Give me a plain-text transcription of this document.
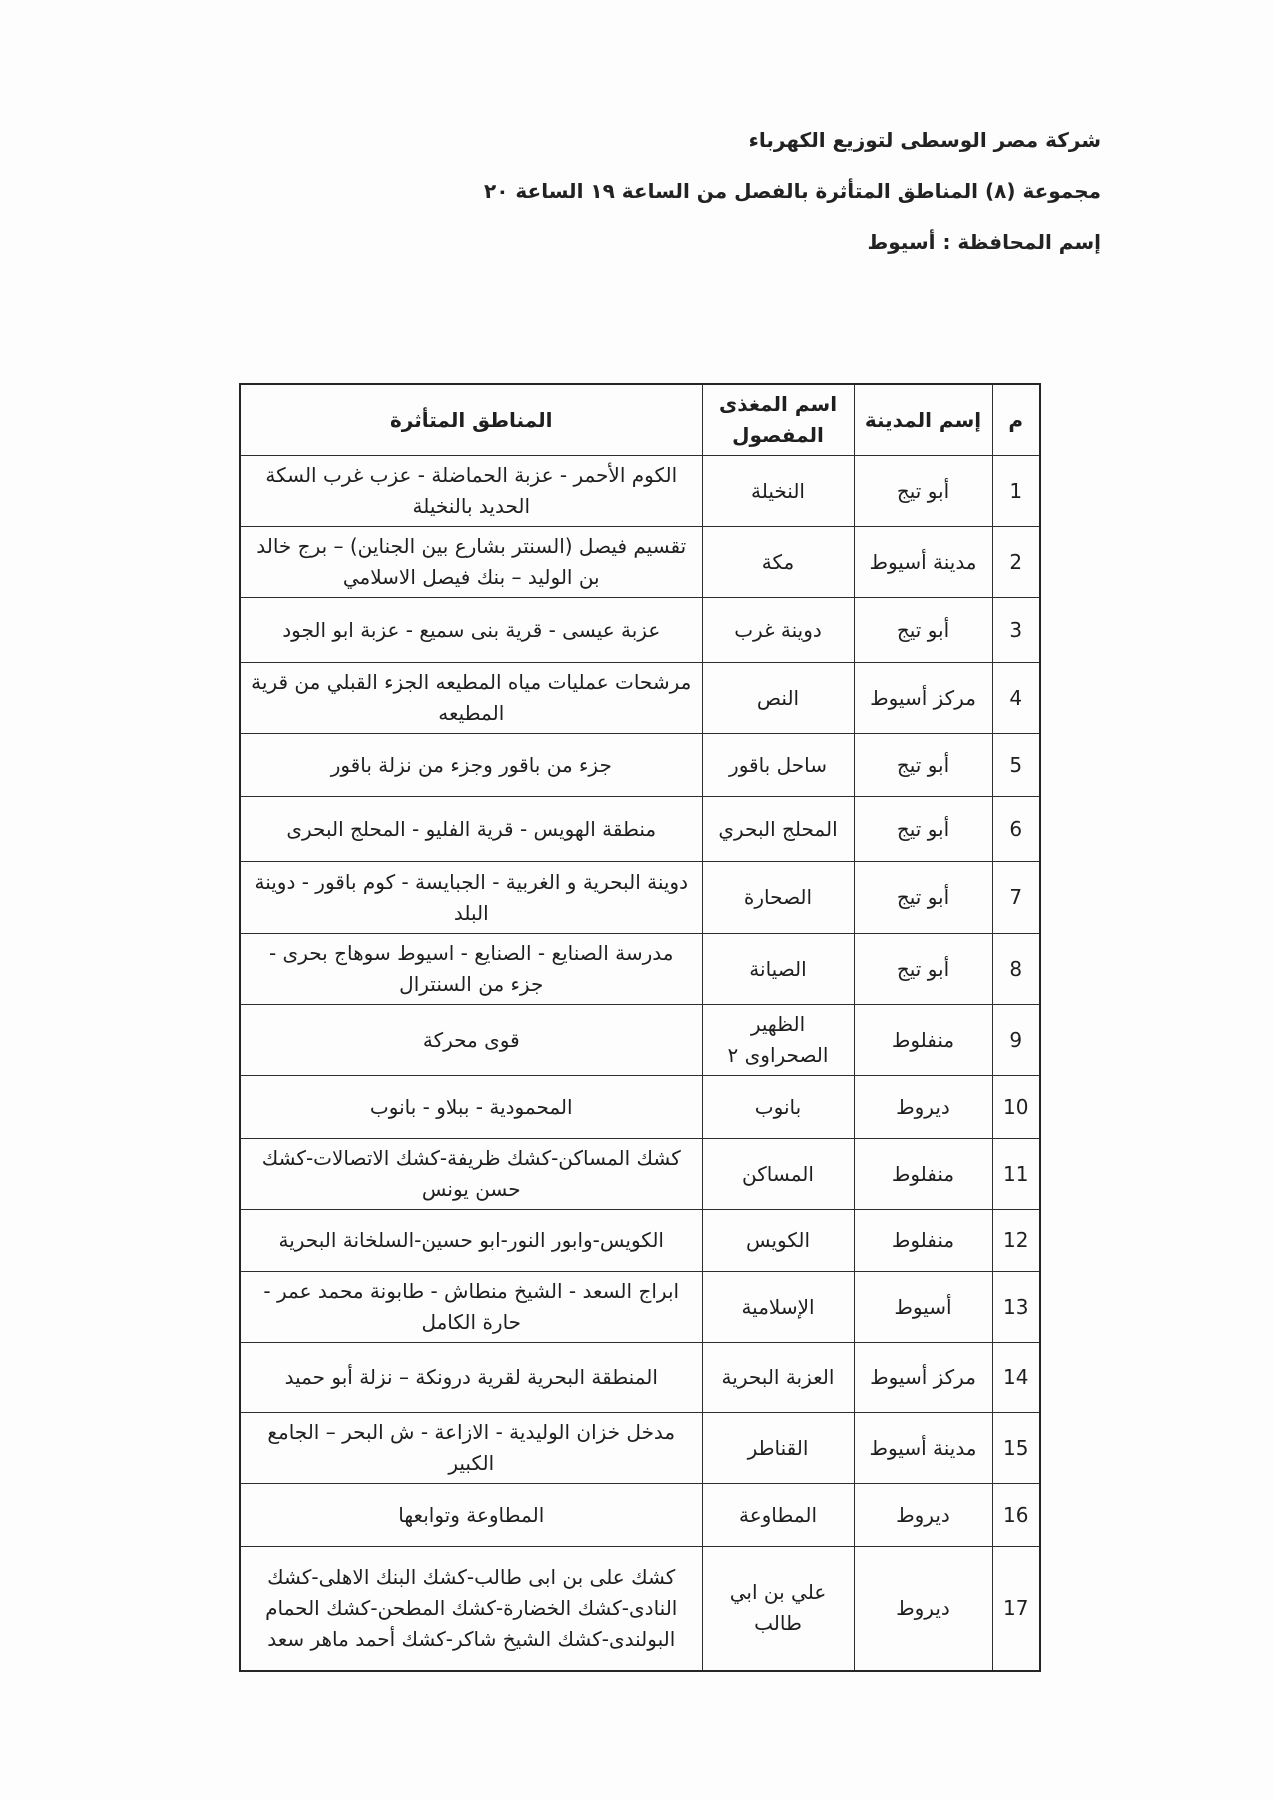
شركة مصر الوسطى لتوزيع الكهرباء
مجموعة (٨) المناطق المتأثرة بالفصل من الساعة ١٩ الساعة ٢٠
إسم المحافظة : أسيوط
م	إسم المدينة	اسم المغذى المفصول	المناطق المتأثرة
1	أبو تيج	النخيلة	الكوم الأحمر - عزبة الحماضلة - عزب غرب السكة الحديد بالنخيلة
2	مدينة أسيوط	مكة	تقسيم فيصل (السنتر بشارع بين الجناين) – برج خالد بن الوليد – بنك فيصل الاسلامي
3	أبو تيج	دوينة غرب	عزبة عيسى - قرية بنى سميع - عزبة ابو الجود
4	مركز أسيوط	النص	مرشحات عمليات مياه المطيعه الجزء القبلي من قرية المطيعه
5	أبو تيج	ساحل باقور	جزء من باقور وجزء من نزلة باقور
6	أبو تيج	المحلج البحري	منطقة الهويس - قرية الفليو - المحلج البحرى
7	أبو تيج	الصحارة	دوينة البحرية و الغربية - الجبايسة - كوم باقور - دوينة البلد
8	أبو تيج	الصيانة	مدرسة الصنايع - الصنايع - اسيوط سوهاج بحرى - جزء من السنترال
9	منفلوط	الظهير الصحراوى ٢	قوى محركة
10	ديروط	بانوب	المحمودية - ببلاو - بانوب
11	منفلوط	المساكن	كشك المساكن-كشك ظريفة-كشك الاتصالات-كشك حسن يونس
12	منفلوط	الكويس	الكويس-وابور النور-ابو حسين-السلخانة البحرية
13	أسيوط	الإسلامية	ابراج السعد - الشيخ منطاش - طابونة محمد عمر - حارة الكامل
14	مركز أسيوط	العزبة البحرية	المنطقة البحرية لقرية درونكة – نزلة أبو حميد
15	مدينة أسيوط	القناطر	مدخل خزان الوليدية - الازاعة - ش البحر – الجامع الكبير
16	ديروط	المطاوعة	المطاوعة وتوابعها
17	ديروط	علي بن ابي طالب	كشك على بن ابى طالب-كشك البنك الاهلى-كشك النادى-كشك الخضارة-كشك المطحن-كشك الحمام البولندى-كشك الشيخ شاكر-كشك أحمد ماهر سعد
